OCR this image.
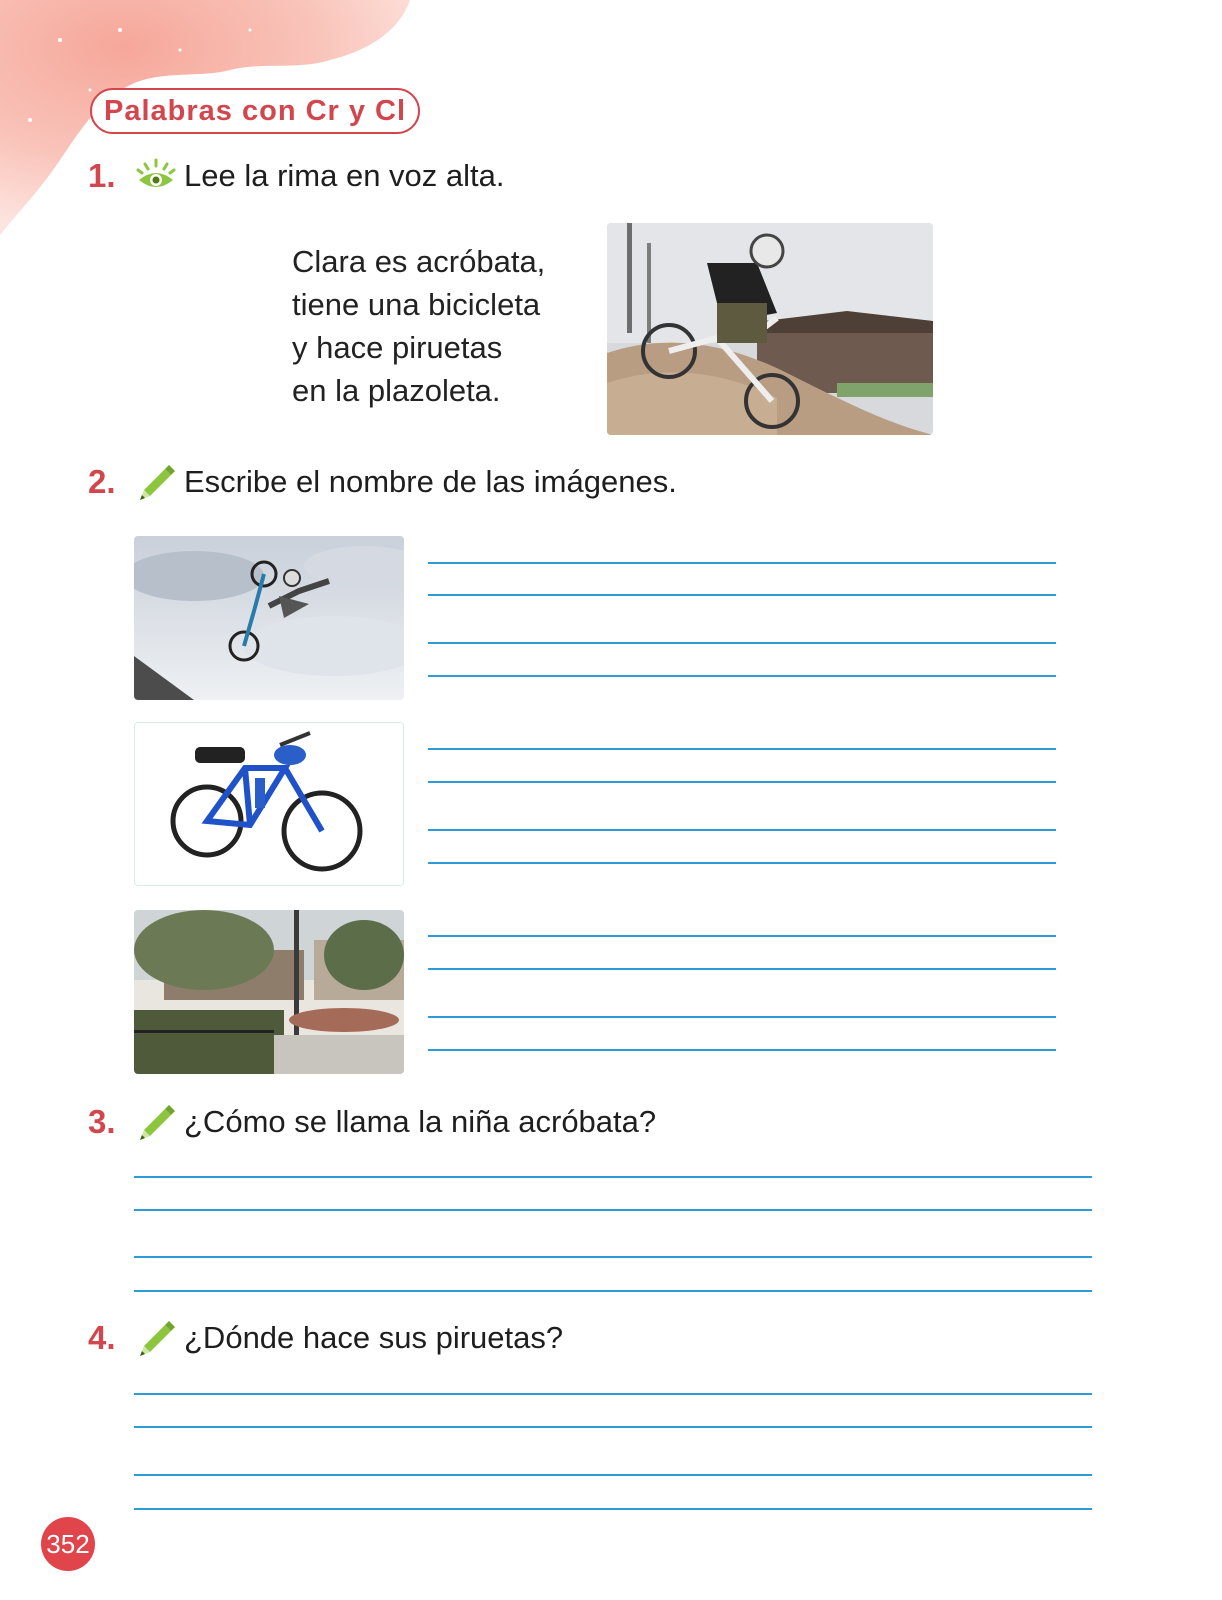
Palabras con Cr y Cl
1.	Lee la rima en voz alta.
Clara es acróbata,
tiene una bicicleta
y hace piruetas
en la plazoleta.
2.	Escribe el nombre de las imágenes.
3.	¿Cómo se llama la niña acróbata?
4.	¿Dónde hace sus piruetas?
352
